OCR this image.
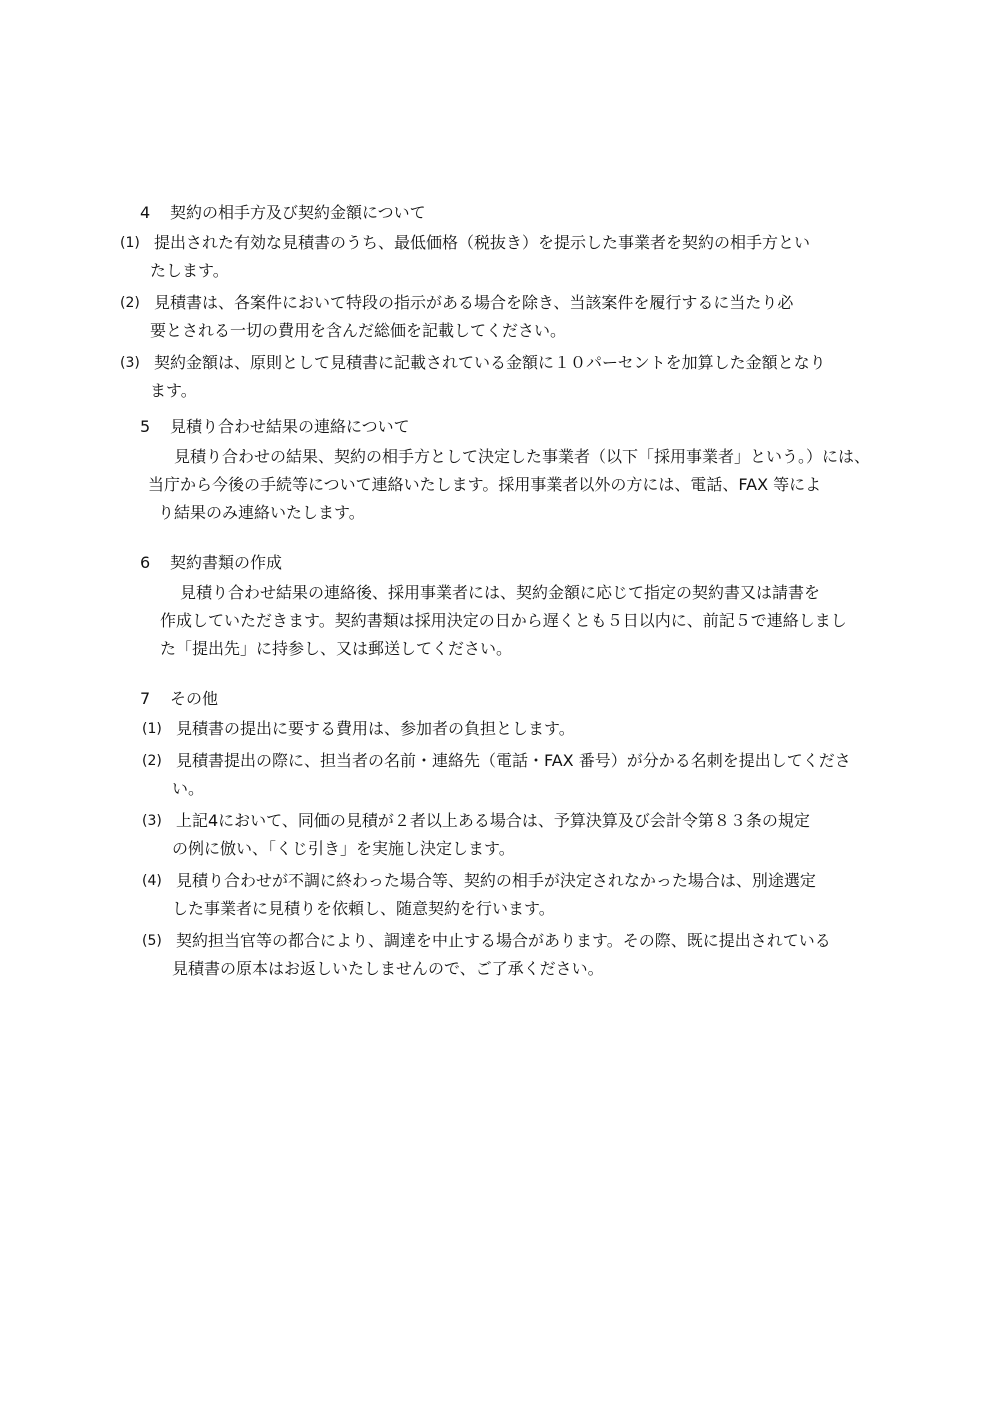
4 契約の相手方及び契約金額について
(1) 提出された有効な見積書のうち、最低価格（税抜き）を提示した事業者を契約の相手方とい
たします。
(2) 見積書は、各案件において特段の指示がある場合を除き、当該案件を履行するに当たり必
要とされる一切の費用を含んだ総価を記載してください。
(3) 契約金額は、原則として見積書に記載されている金額に１０パーセントを加算した金額となり
ます。
5 見積り合わせ結果の連絡について
見積り合わせの結果、契約の相手方として決定した事業者（以下「採用事業者」という。）には、
当庁から今後の手続等について連絡いたします。採用事業者以外の方には、電話、FAX 等によ
り結果のみ連絡いたします。
6 契約書類の作成
見積り合わせ結果の連絡後、採用事業者には、契約金額に応じて指定の契約書又は請書を
作成していただきます。契約書類は採用決定の日から遅くとも５日以内に、前記５で連絡しまし
た「提出先」に持参し、又は郵送してください。
7 その他
(1) 見積書の提出に要する費用は、参加者の負担とします。
(2) 見積書提出の際に、担当者の名前・連絡先（電話・FAX 番号）が分かる名刺を提出してくださ
い。
(3) 上記4において、同価の見積が２者以上ある場合は、予算決算及び会計令第８３条の規定
の例に倣い、「くじ引き」を実施し決定します。
(4) 見積り合わせが不調に終わった場合等、契約の相手が決定されなかった場合は、別途選定
した事業者に見積りを依頼し、随意契約を行います。
(5) 契約担当官等の都合により、調達を中止する場合があります。その際、既に提出されている
見積書の原本はお返しいたしませんので、ご了承ください。
